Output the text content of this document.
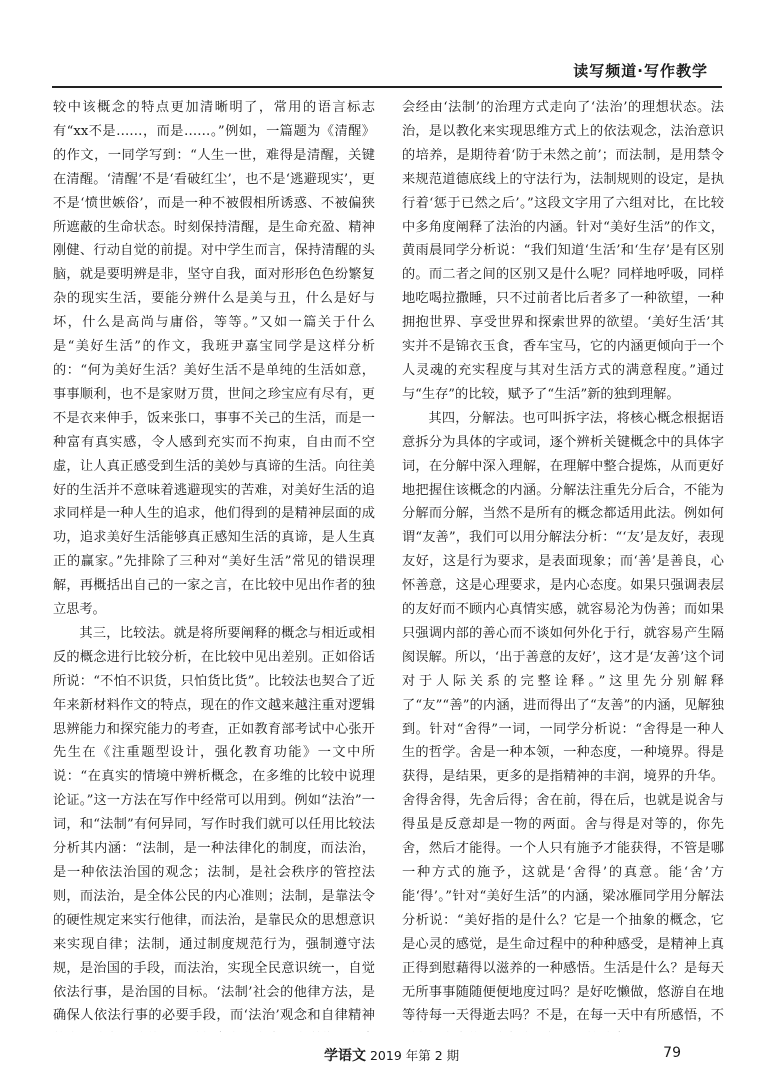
读写频道·写作教学

较中该概念的特点更加清晰明了，常用的语言标志有“xx不是……，而是……。”例如，一篇题为《清醒》的作文，一同学写到：“人生一世，难得是清醒，关键在清醒。‘清醒’不是‘看破红尘’，也不是‘逃避现实’，更不是‘愤世嫉俗’，而是一种不被假相所诱惑、不被偏狭所遮蔽的生命状态。时刻保持清醒，是生命充盈、精神刚健、行动自觉的前提。对中学生而言，保持清醒的头脑，就是要明辨是非，坚守自我，面对形形色色纷繁复杂的现实生活，要能分辨什么是美与丑，什么是好与坏，什么是高尚与庸俗，等等。”又如一篇关于什么是“美好生活”的作文，我班尹嘉宝同学是这样分析的：“何为美好生活？美好生活不是单纯的生活如意，事事顺利，也不是家财万贯，世间之珍宝应有尽有，更不是衣来伸手，饭来张口，事事不关己的生活，而是一种富有真实感，令人感到充实而不拘束，自由而不空虚，让人真正感受到生活的美妙与真谛的生活。向往美好的生活并不意味着逃避现实的苦难，对美好生活的追求同样是一种人生的追求，他们得到的是精神层面的成功，追求美好生活能够真正感知生活的真谛，是人生真正的赢家。”先排除了三种对“美好生活”常见的错误理解，再概括出自己的一家之言，在比较中见出作者的独立思考。

其三，比较法。就是将所要阐释的概念与相近或相反的概念进行比较分析，在比较中见出差别。正如俗话所说：“不怕不识货，只怕货比货”。比较法也契合了近年来新材料作文的特点，现在的作文越来越注重对逻辑思辨能力和探究能力的考查，正如教育部考试中心张开先生在《注重题型设计，强化教育功能》一文中所说：“在真实的情境中辨析概念，在多维的比较中说理论证。”这一方法在写作中经常可以用到。例如“法治”一词，和“法制”有何异同，写作时我们就可以任用比较法分析其内涵：“法制，是一种法律化的制度，而法治，是一种依法治国的观念；法制，是社会秩序的管控法则，而法治，是全体公民的内心准则；法制，是靠法令的硬性规定来实行他律，而法治，是靠民众的思想意识来实现自律；法制，通过制度规范行为，强制遵守法规，是治国的手段，而法治，实现全民意识统一，自觉依法行事，是治国的目标。‘法制’社会的他律方法，是确保人依法行事的必要手段，而‘法治’观念和自律精神

会经由‘法制’的治理方式走向了‘法治’的理想状态。法治，是以教化来实现思维方式上的依法观念，法治意识的培养，是期待着‘防于未然之前’；而法制，是用禁令来规范道德底线上的守法行为，法制规则的设定，是执行着‘惩于已然之后’。”这段文字用了六组对比，在比较中多角度阐释了法治的内涵。针对“美好生活”的作文，黄雨晨同学分析说：“我们知道‘生活’和‘生存’是有区别的。而二者之间的区别又是什么呢？同样地呼吸，同样地吃喝拉撒睡，只不过前者比后者多了一种欲望，一种拥抱世界、享受世界和探索世界的欲望。‘美好生活’其实并不是锦衣玉食，香车宝马，它的内涵更倾向于一个人灵魂的充实程度与其对生活方式的满意程度。”通过与“生存”的比较，赋予了“生活”新的独到理解。

其四，分解法。也可叫拆字法，将核心概念根据语意拆分为具体的字或词，逐个辨析关键概念中的具体字词，在分解中深入理解，在理解中整合提炼，从而更好地把握住该概念的内涵。分解法注重先分后合，不能为分解而分解，当然不是所有的概念都适用此法。例如何谓“友善”，我们可以用分解法分析：“‘友’是友好，表现友好，这是行为要求，是表面现象；而‘善’是善良，心怀善意，这是心理要求，是内心态度。如果只强调表层的友好而不顾内心真情实感，就容易沦为伪善；而如果只强调内部的善心而不谈如何外化于行，就容易产生隔阂误解。所以，‘出于善意的友好’，这才是‘友善’这个词对于人际关系的完整诠释。”这里先分别解释了“友”“善”的内涵，进而得出了“友善”的内涵，见解独到。针对“舍得”一词，一同学分析说：“舍得是一种人生的哲学。舍是一种本领，一种态度，一种境界。得是获得，是结果，更多的是指精神的丰润，境界的升华。舍得舍得，先舍后得；舍在前，得在后，也就是说舍与得虽是反意却是一物的两面。舍与得是对等的，你先舍，然后才能得。一个人只有施予才能获得，不管是哪一种方式的施予，这就是‘舍得’的真意。能‘舍’方能‘得’。”针对“美好生活”的内涵，梁冰雁同学用分解法分析说：“美好指的是什么？它是一个抽象的概念，它是心灵的感觉，是生命过程中的种种感受，是精神上真正得到慰藉得以滋养的一种感悟。生活是什么？是每天无所事事随随便便地度过吗？是好吃懒做，悠游自在地等待每一天得逝去吗？不是，在每一天中有所感悟，不

学语文 2019 年第 2 期	79
